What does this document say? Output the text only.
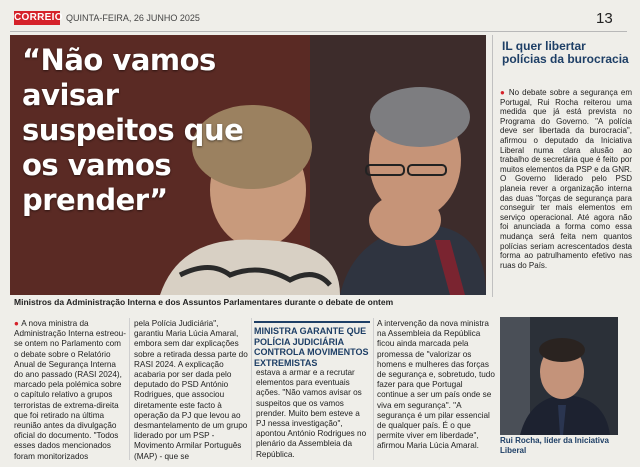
CORREIO QUINTA-FEIRA, 26 JUNHO 2025	13
“Não vamos avisar suspeitos que os vamos prender”
Ministros da Administração Interna e dos Assuntos Parlamentares durante o debate de ontem
IL quer libertar polícias da burocracia
● No debate sobre a segurança em Portugal, Rui Rocha reiterou uma medida que já está prevista no Programa do Governo. "A polícia deve ser libertada da burocracia", afirmou o deputado da Iniciativa Liberal numa clara alusão ao trabalho de secretária que é feito por muitos elementos da PSP e da GNR. O Governo liderado pelo PSD planeia rever a organização interna das duas "forças de segurança para conseguir ter mais elementos em serviço operacional. Até agora não foi anunciada a forma como essa mudança será feita nem quantos polícias seriam acrescentados desta forma ao patrulhamento efetivo nas ruas do País.
● A nova ministra da Administração Interna estreou-se ontem no Parlamento com o debate sobre o Relatório Anual de Segurança Interna do ano passado (RASI 2024), marcado pela polémica sobre o capítulo relativo a grupos terroristas de extrema-direita que foi retirado na última reunião antes da divulgação oficial do documento. "Todos esses dados mencionados foram monitorizados
pela Polícia Judiciária", garantiu Maria Lúcia Amaral, embora sem dar explicações sobre a retirada dessa parte do RASI 2024. A explicação acabaria por ser dada pelo deputado do PSD António Rodrigues, que associou diretamente este facto à operação da PJ que levou ao desmantelamento de um grupo liderado por um PSP - Movimento Armilar Português (MAP) - que se
MINISTRA GARANTE QUE POLÍCIA JUDICIÁRIA CONTROLA MOVIMENTOS EXTREMISTAS
estava a armar e a recrutar elementos para eventuais ações. "Não vamos avisar os suspeitos que os vamos prender. Muito bem esteve a PJ nessa investigação", apontou António Rodrigues no plenário da Assembleia da República.
A intervenção da nova ministra na Assembleia da República ficou ainda marcada pela promessa de "valorizar os homens e mulheres das forças de segurança e, sobretudo, tudo fazer para que Portugal continue a ser um país onde se viva em segurança". "A segurança é um pilar essencial de qualquer país. É o que permite viver em liberdade", afirmou Maria Lúcia Amaral.
Rui Rocha, líder da Iniciativa Liberal
